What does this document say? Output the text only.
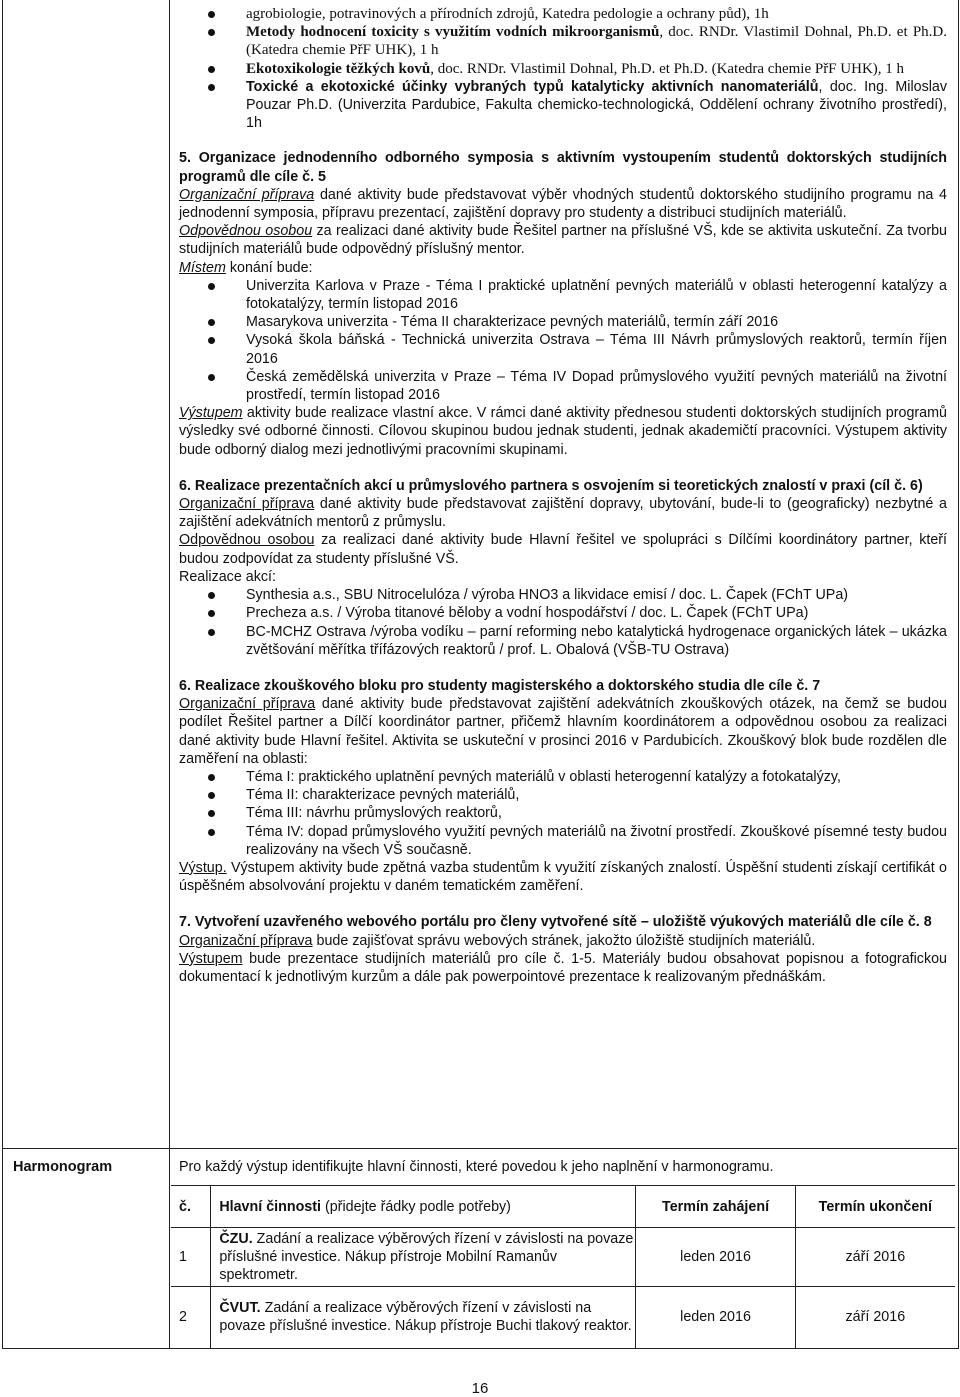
agrobiologie, potravinových a přírodních zdrojů, Katedra pedologie a ochrany půd), 1h
Metody hodnocení toxicity s využitím vodních mikroorganismů, doc. RNDr. Vlastimil Dohnal, Ph.D. et Ph.D. (Katedra chemie PřF UHK), 1 h
Ekotoxikologie těžkých kovů, doc. RNDr. Vlastimil Dohnal, Ph.D. et Ph.D. (Katedra chemie PřF UHK), 1 h
Toxické a ekotoxické účinky vybraných typů katalyticky aktivních nanomateriálů, doc. Ing. Miloslav Pouzar Ph.D. (Univerzita Pardubice, Fakulta chemicko-technologická, Oddělení ochrany životního prostředí), 1h
5. Organizace jednodenního odborného symposia s aktivním vystoupením studentů doktorských studijních programů dle cíle č. 5

Organizační příprava dané aktivity bude představovat výběr vhodných studentů doktorského studijního programu na 4 jednodenní symposia, přípravu prezentací, zajištění dopravy pro studenty a distribuci studijních materiálů.

Odpovědnou osobou za realizaci dané aktivity bude Řešitel partner na příslušné VŠ, kde se aktivita uskuteční. Za tvorbu studijních materiálů bude odpovědný příslušný mentor.

Místem konání bude:

Univerzita Karlova v Praze - Téma I praktické uplatnění pevných materiálů v oblasti heterogenní katalýzy a fotokatalýzy, termín listopad 2016
Masarykova univerzita - Téma II charakterizace pevných materiálů, termín září 2016
Vysoká škola báňská - Technická univerzita Ostrava – Téma III Návrh průmyslových reaktorů, termín říjen 2016
Česká zemědělská univerzita v Praze – Téma IV Dopad průmyslového využití pevných materiálů na životní prostředí, termín listopad 2016

Výstupem aktivity bude realizace vlastní akce. V rámci dané aktivity přednesou studenti doktorských studijních programů výsledky své odborné činnosti. Cílovou skupinou budou jednak studenti, jednak akademičtí pracovníci. Výstupem aktivity bude odborný dialog mezi jednotlivými pracovními skupinami.

6. Realizace prezentačních akcí u průmyslového partnera s osvojením si teoretických znalostí v praxi (cíl č. 6)

Organizační příprava dané aktivity bude představovat zajištění dopravy, ubytování, bude-li to (geograficky) nezbytné a zajištění adekvátních mentorů z průmyslu.

Odpovědnou osobou za realizaci dané aktivity bude Hlavní řešitel ve spolupráci s Dílčími koordinátory partner, kteří budou zodpovídat za studenty příslušné VŠ.

Realizace akcí:

Synthesia a.s., SBU Nitrocelulóza / výroba HNO3 a likvidace emisí / doc. L. Čapek (FChT UPa)
Precheza a.s. / Výroba titanové běloby a vodní hospodářství / doc. L. Čapek (FChT UPa)
BC-MCHZ Ostrava /výroba vodíku – parní reforming nebo katalytická hydrogenace organických látek – ukázka zvětšování měřítka třífázových reaktorů / prof. L. Obalová (VŠB-TU Ostrava)
6. Realizace zkouškového bloku pro studenty magisterského a doktorského studia dle cíle č. 7

Organizační příprava dané aktivity bude představovat zajištění adekvátních zkouškových otázek, na čemž se budou podílet Řešitel partner a Dílčí koordinátor partner, přičemž hlavním koordinátorem a odpovědnou osobou za realizaci dané aktivity bude Hlavní řešitel. Aktivita se uskuteční v prosinci 2016 v Pardubicích. Zkouškový blok bude rozdělen dle zaměření na oblasti:

Téma I: praktického uplatnění pevných materiálů v oblasti heterogenní katalýzy a fotokatalýzy,
Téma II: charakterizace pevných materiálů,
Téma III: návrhu průmyslových reaktorů,
Téma IV: dopad průmyslového využití pevných materiálů na životní prostředí. Zkouškové písemné testy budou realizovány na všech VŠ současně.

Výstup. Výstupem aktivity bude zpětná vazba studentům k využití získaných znalostí. Úspěšní studenti získají certifikát o úspěšném absolvování projektu v daném tematickém zaměření.

7. Vytvoření uzavřeného webového portálu pro členy vytvořené sítě – uložiště výukových materiálů dle cíle č. 8

Organizační příprava bude zajišťovat správu webových stránek, jakožto úložiště studijních materiálů.

Výstupem bude prezentace studijních materiálů pro cíle č. 1-5. Materiály budou obsahovat popisnou a fotografickou dokumentací k jednotlivým kurzům a dále pak powerpointové prezentace k realizovaným přednáškám.

Harmonogram	Pro každý výstup identifikujte hlavní činnosti, které povedou k jeho naplnění v harmonogramu.
č.	Hlavní činnosti (přidejte řádky podle potřeby)	Termín zahájení	Termín ukončení
1	ČZU. Zadání a realizace výběrových řízení v závislosti na povaze příslušné investice. Nákup přístroje Mobilní Ramanův spektrometr.	leden 2016	září 2016
2	ČVUT. Zadání a realizace výběrových řízení v závislosti na povaze příslušné investice. Nákup přístroje Buchi tlakový reaktor.	leden 2016	září 2016
16
